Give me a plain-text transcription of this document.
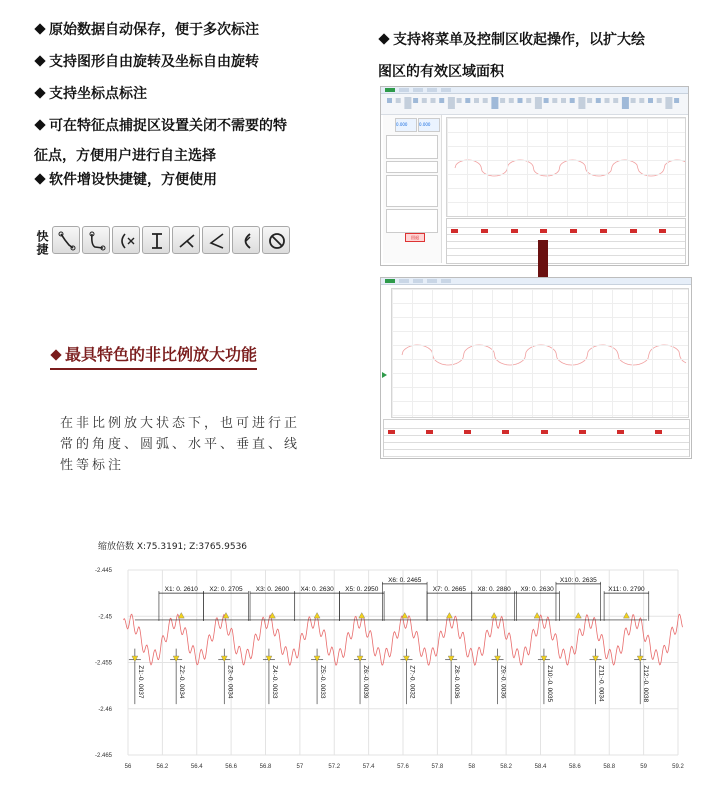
原始数据自动保存，便于多次标注
支持图形自由旋转及坐标自由旋转
支持坐标点标注
可在特征点捕捉区设置关闭不需要的特
征点，方便用户进行自主选择
软件增设快捷键，方便使用
支持将菜单及控制区收起操作，以扩大绘
图区的有效区域面积
快捷
最具特色的非比例放大功能
在非比例放大状态下，也可进行正常的角度、圆弧、水平、垂直、线性等标注
0.000	0.000
回退
缩放倍数 X:75.3191; Z:3765.9536
56	56.2	56.4	56.6	56.8	57	57.2	57.4	57.6	57.8	58	58.2	58.4	58.6	58.8	59	59.2
-2.445
-2.45
-2.455
-2.46
-2.465
X1: 0. 2610 X2: 0. 2705 X3: 0. 2600 X4: 0. 2630 X5: 0. 2950
X6: 0. 2465
X7: 0. 2665 X8: 0. 2880 X9: 0. 2630
X10: 0. 2635
X11: 0. 2790
Z1:-0. 0037	Z2:-0. 0034	Z3:-0. 0034	Z4:-0. 0033	Z5:-0. 0033	Z6:-0. 0039	Z7:-0. 0032	Z8:-0. 0036	Z9:-0. 0036	Z10:-0. 0035	Z11:-0. 0034	Z12:-0. 0038
